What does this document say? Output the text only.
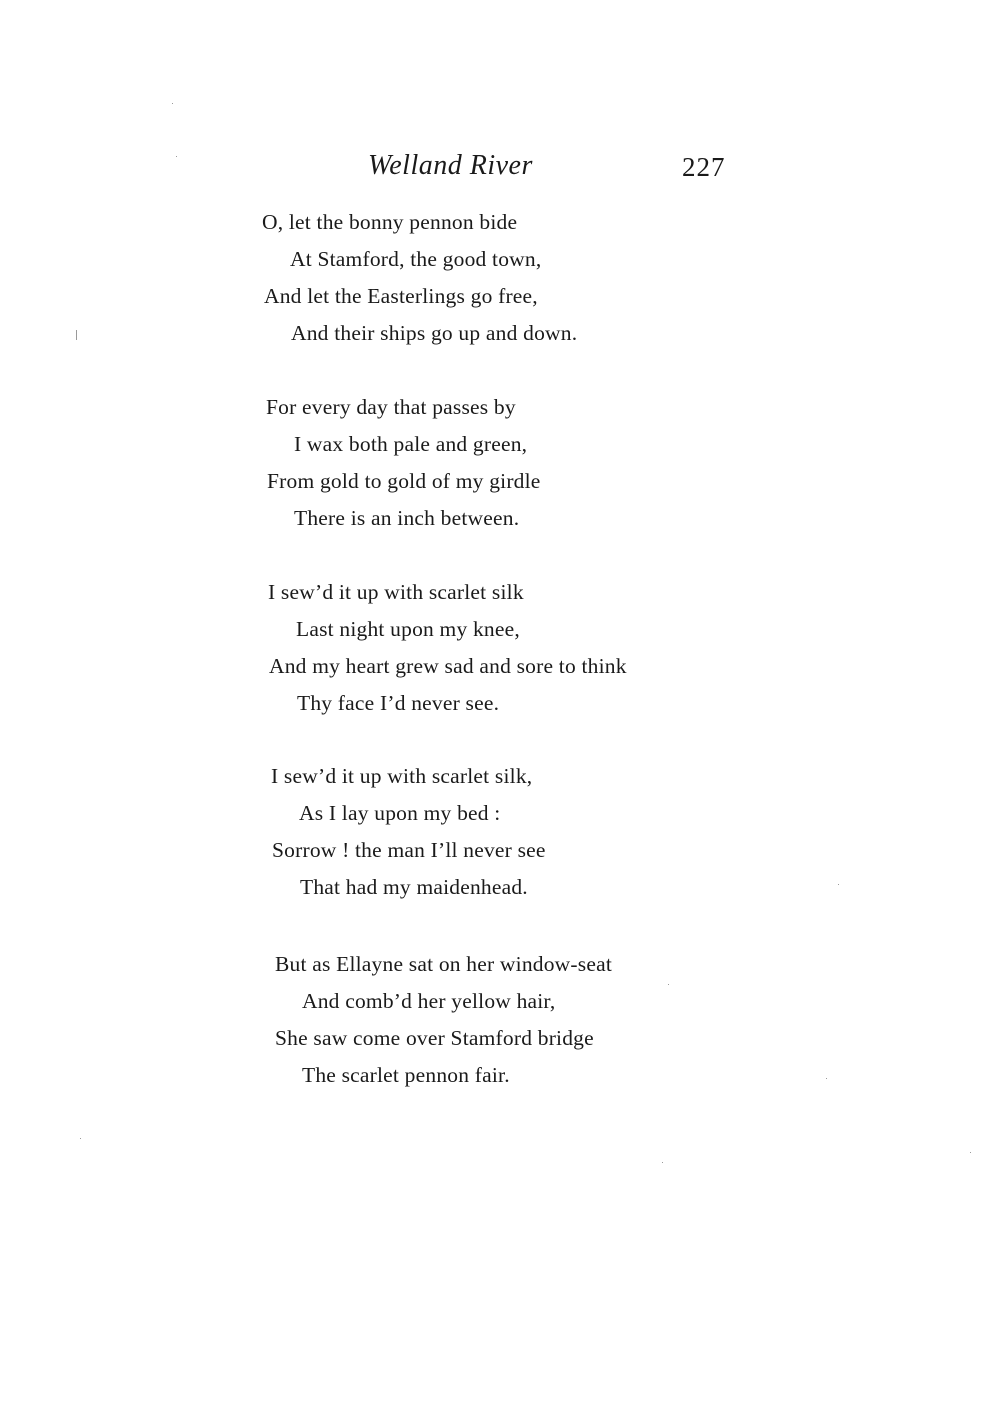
Welland River	227
O, let the bonny pennon bide
At Stamford, the good town,
And let the Easterlings go free,
And their ships go up and down.
For every day that passes by
I wax both pale and green,
From gold to gold of my girdle
There is an inch between.
I sew’d it up with scarlet silk
Last night upon my knee,
And my heart grew sad and sore to think
Thy face I’d never see.
I sew’d it up with scarlet silk,
As I lay upon my bed :
Sorrow ! the man I’ll never see
That had my maidenhead.
But as Ellayne sat on her window-seat
And comb’d her yellow hair,
She saw come over Stamford bridge
The scarlet pennon fair.
